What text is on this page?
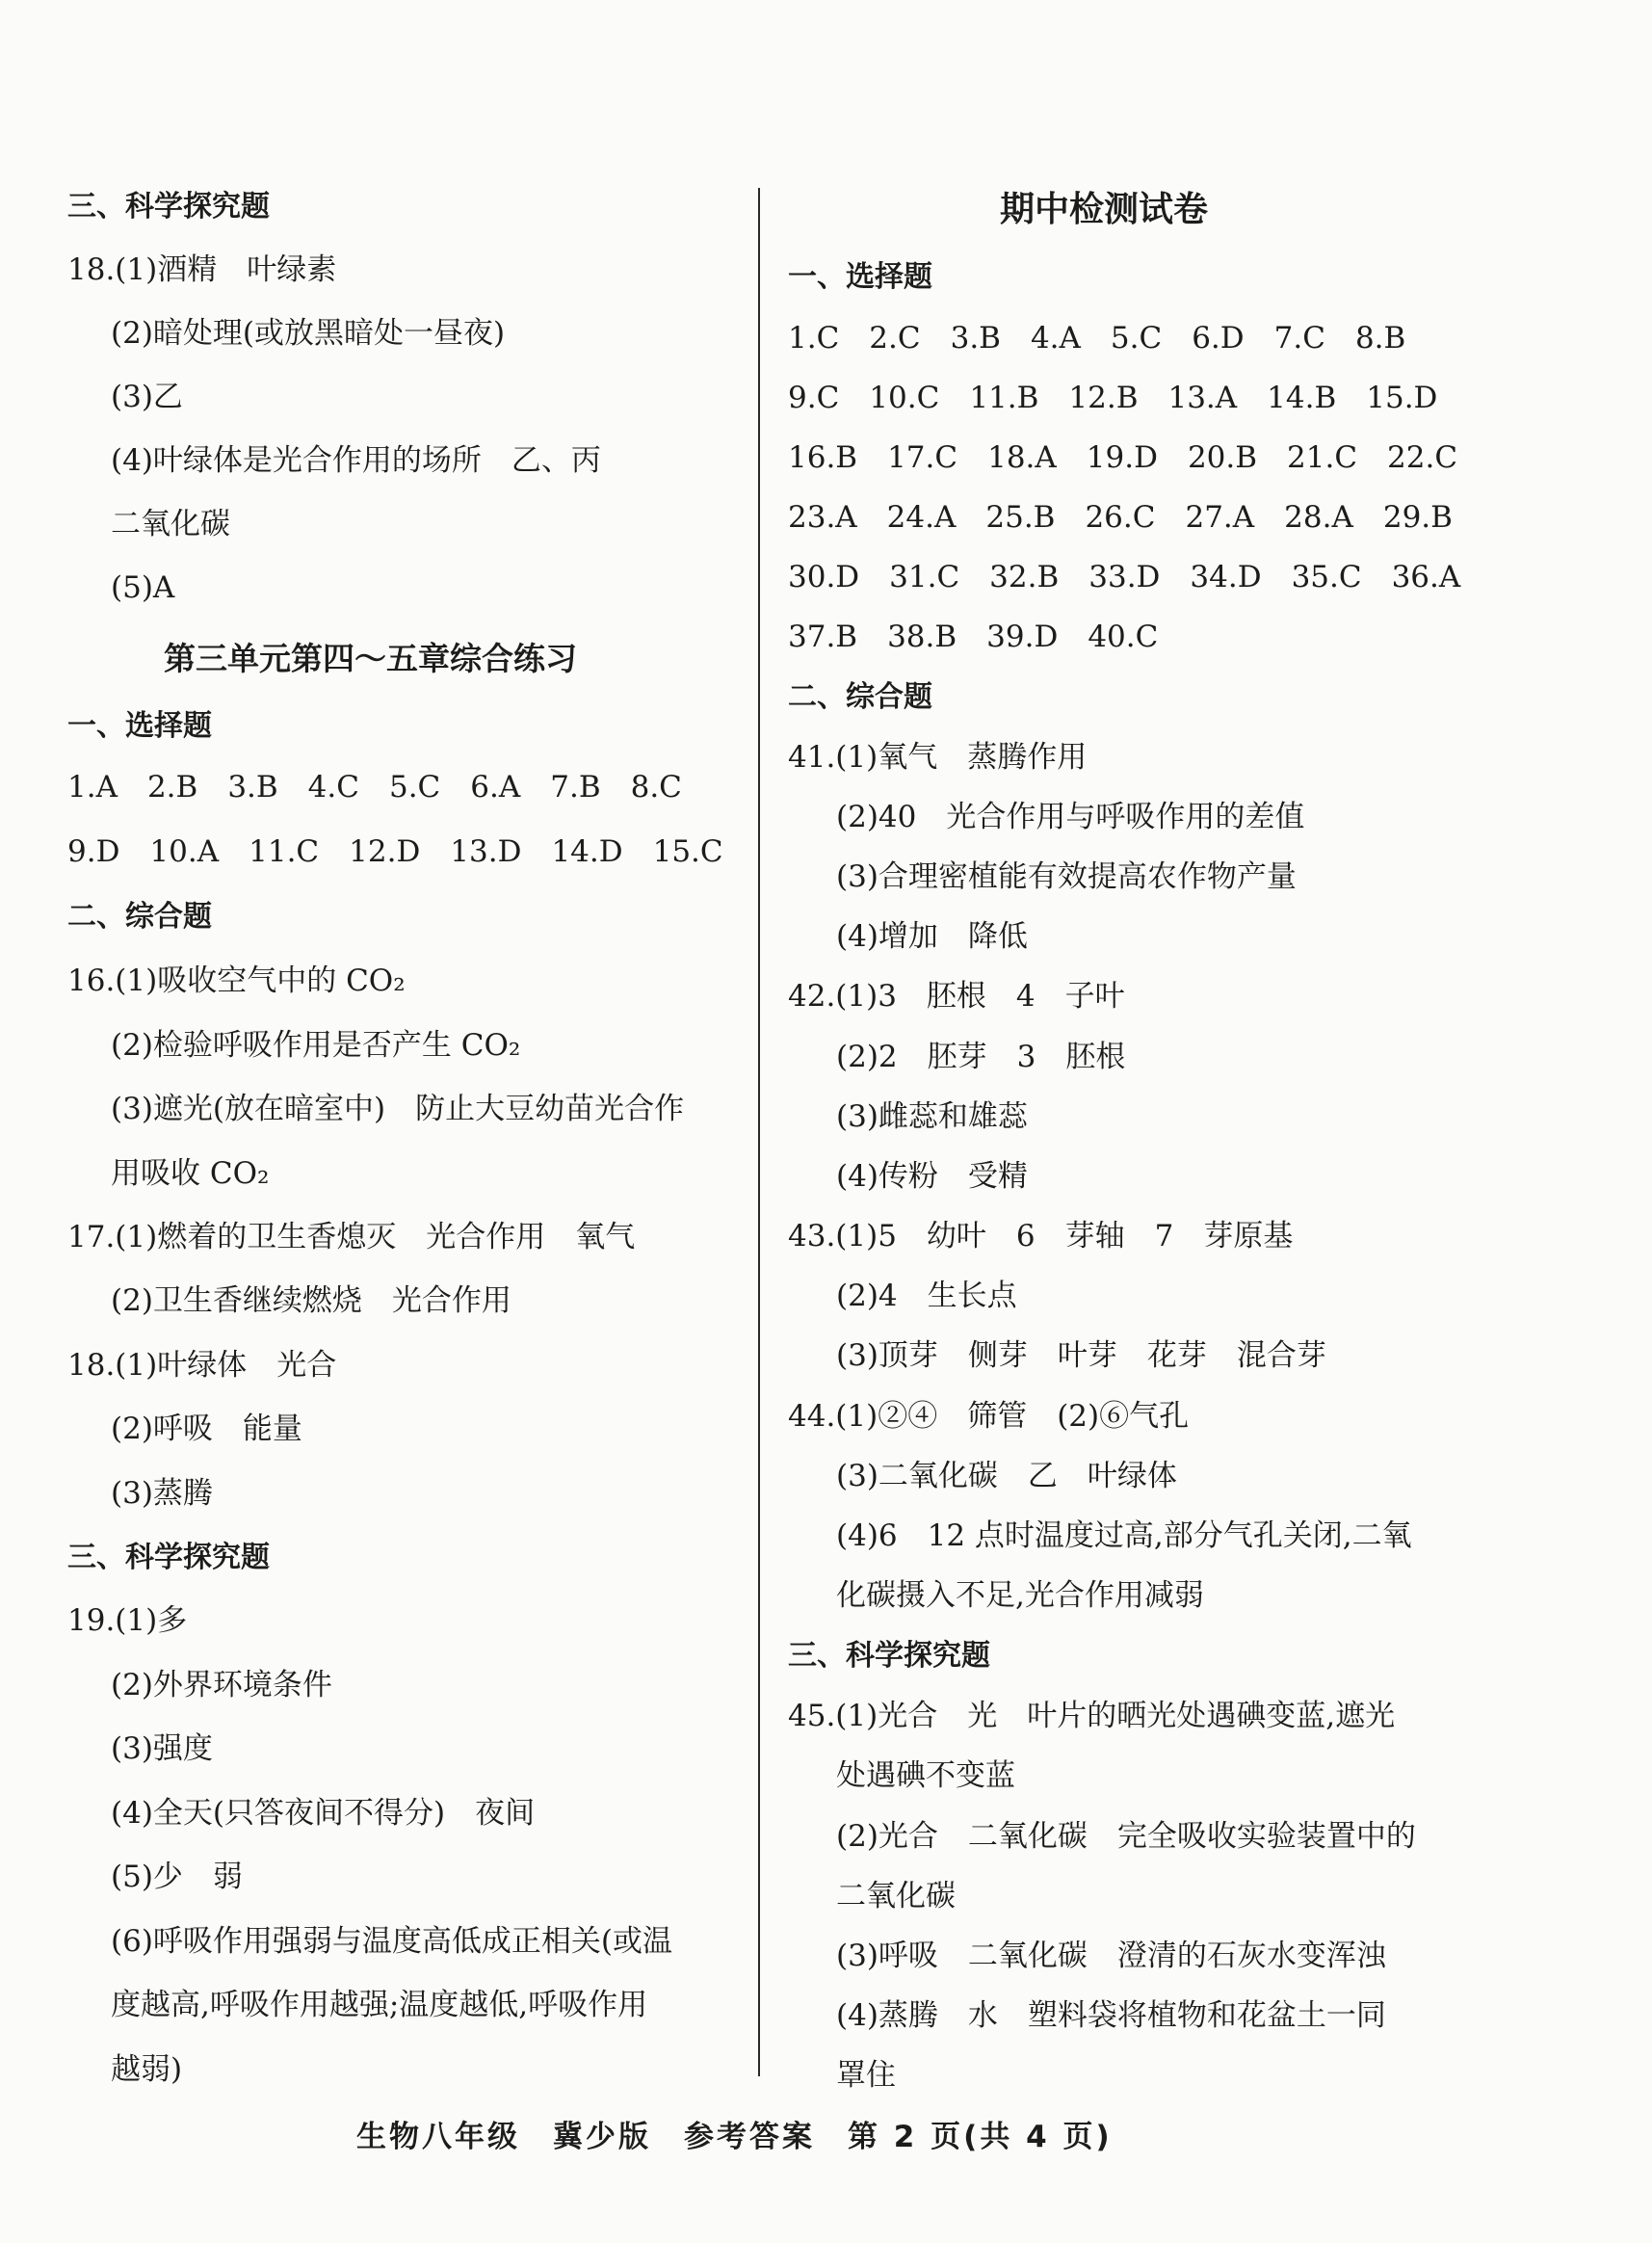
三、科学探究题
18.(1)酒精　叶绿素
(2)暗处理(或放黑暗处一昼夜)
(3)乙
(4)叶绿体是光合作用的场所　乙、丙
二氧化碳
(5)A
第三单元第四～五章综合练习
一、选择题
1.A　2.B　3.B　4.C　5.C　6.A　7.B　8.C
9.D　10.A　11.C　12.D　13.D　14.D　15.C
二、综合题
16.(1)吸收空气中的 CO₂
(2)检验呼吸作用是否产生 CO₂
(3)遮光(放在暗室中)　防止大豆幼苗光合作
用吸收 CO₂
17.(1)燃着的卫生香熄灭　光合作用　氧气
(2)卫生香继续燃烧　光合作用
18.(1)叶绿体　光合
(2)呼吸　能量
(3)蒸腾
三、科学探究题
19.(1)多
(2)外界环境条件
(3)强度
(4)全天(只答夜间不得分)　夜间
(5)少　弱
(6)呼吸作用强弱与温度高低成正相关(或温
度越高,呼吸作用越强;温度越低,呼吸作用
越弱)
期中检测试卷
一、选择题
1.C　2.C　3.B　4.A　5.C　6.D　7.C　8.B
9.C　10.C　11.B　12.B　13.A　14.B　15.D
16.B　17.C　18.A　19.D　20.B　21.C　22.C
23.A　24.A　25.B　26.C　27.A　28.A　29.B
30.D　31.C　32.B　33.D　34.D　35.C　36.A
37.B　38.B　39.D　40.C
二、综合题
41.(1)氧气　蒸腾作用
(2)40　光合作用与呼吸作用的差值
(3)合理密植能有效提高农作物产量
(4)增加　降低
42.(1)3　胚根　4　子叶
(2)2　胚芽　3　胚根
(3)雌蕊和雄蕊
(4)传粉　受精
43.(1)5　幼叶　6　芽轴　7　芽原基
(2)4　生长点
(3)顶芽　侧芽　叶芽　花芽　混合芽
44.(1)②④　筛管　(2)⑥气孔
(3)二氧化碳　乙　叶绿体
(4)6　12 点时温度过高,部分气孔关闭,二氧
化碳摄入不足,光合作用减弱
三、科学探究题
45.(1)光合　光　叶片的晒光处遇碘变蓝,遮光
处遇碘不变蓝
(2)光合　二氧化碳　完全吸收实验装置中的
二氧化碳
(3)呼吸　二氧化碳　澄清的石灰水变浑浊
(4)蒸腾　水　塑料袋将植物和花盆土一同
罩住
生物八年级　冀少版　参考答案　第 2 页(共 4 页)
